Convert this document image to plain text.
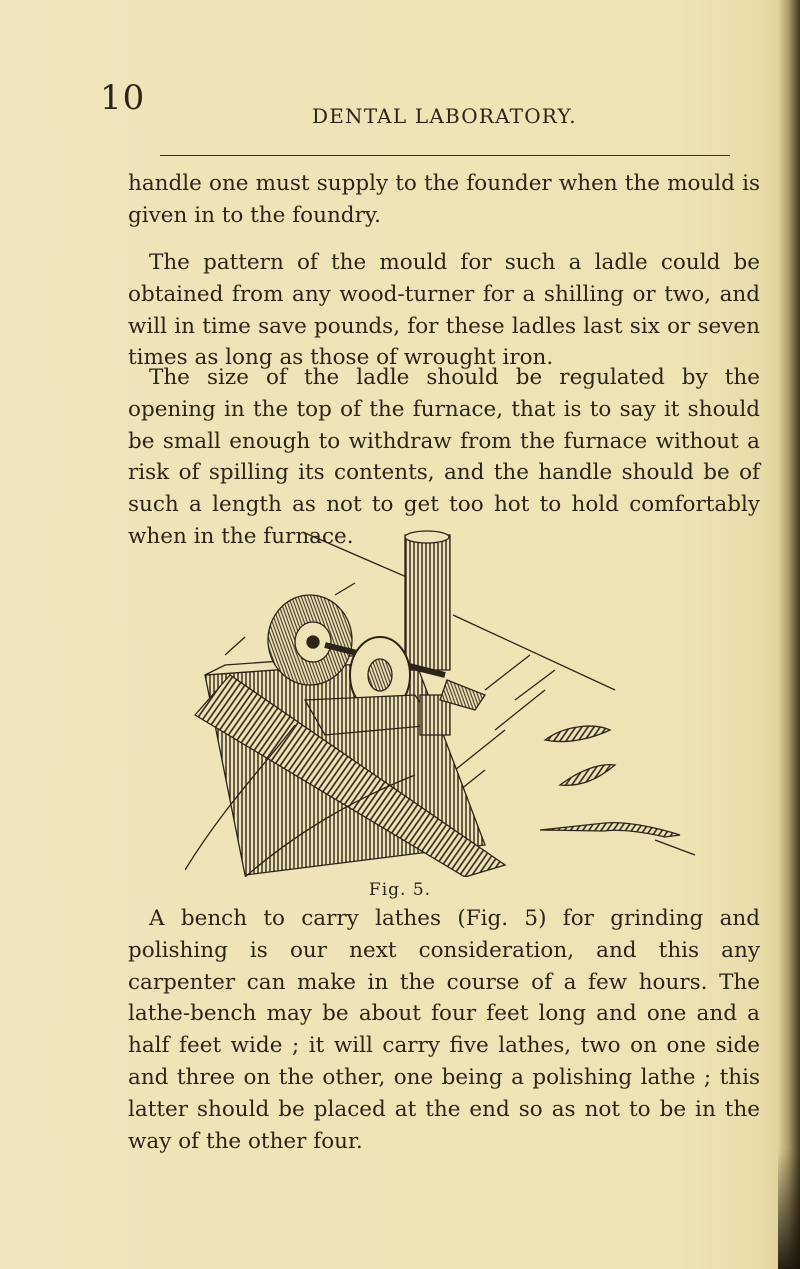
10	DENTAL LABORATORY.

handle one must supply to the founder when the mould is given in to the foundry.

The pattern of the mould for such a ladle could be obtained from any wood-turner for a shilling or two, and will in time save pounds, for these ladles last six or seven times as long as those of wrought iron.

The size of the ladle should be regulated by the opening in the top of the furnace, that is to say it should be small enough to withdraw from the furnace without a risk of spilling its contents, and the handle should be of such a length as not to get too hot to hold comfortably when in the furnace.

Fig. 5.

A bench to carry lathes (Fig. 5) for grinding and polishing is our next consideration, and this any carpenter can make in the course of a few hours. The lathe-bench may be about four feet long and one and a half feet wide ; it will carry five lathes, two on one side and three on the other, one being a polishing lathe ; this latter should be placed at the end so as not to be in the way of the other four.
